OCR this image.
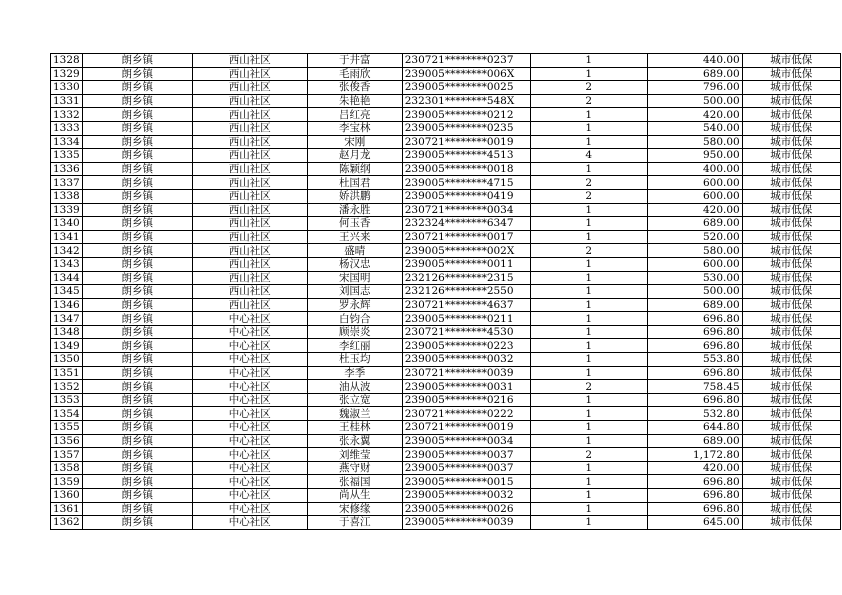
1328	朗乡镇	西山社区	于井富	230721********0237	1	440.00	城市低保
1329	朗乡镇	西山社区	毛雨欣	239005********006X	1	689.00	城市低保
1330	朗乡镇	西山社区	张俊香	239005********0025	2	796.00	城市低保
1331	朗乡镇	西山社区	朱艳艳	232301********548X	2	500.00	城市低保
1332	朗乡镇	西山社区	吕红亮	239005********0212	1	420.00	城市低保
1333	朗乡镇	西山社区	李宝林	239005********0235	1	540.00	城市低保
1334	朗乡镇	西山社区	宋刚	230721********0019	1	580.00	城市低保
1335	朗乡镇	西山社区	赵月龙	239005********4513	4	950.00	城市低保
1336	朗乡镇	西山社区	陈颖纲	239005********0018	1	400.00	城市低保
1337	朗乡镇	西山社区	杜国君	239005********4715	2	600.00	城市低保
1338	朗乡镇	西山社区	娇洪鹏	239005********0419	2	600.00	城市低保
1339	朗乡镇	西山社区	潘永胜	230721********0034	1	420.00	城市低保
1340	朗乡镇	西山社区	何玉香	232324********6347	1	689.00	城市低保
1341	朗乡镇	西山社区	王兴来	230721********0017	1	520.00	城市低保
1342	朗乡镇	西山社区	盛晴	239005********002X	2	580.00	城市低保
1343	朗乡镇	西山社区	杨汉忠	239005********0011	1	600.00	城市低保
1344	朗乡镇	西山社区	宋国明	232126********2315	1	530.00	城市低保
1345	朗乡镇	西山社区	刘国志	232126********2550	1	500.00	城市低保
1346	朗乡镇	西山社区	罗永辉	230721********4637	1	689.00	城市低保
1347	朗乡镇	中心社区	白钧合	239005********0211	1	696.80	城市低保
1348	朗乡镇	中心社区	顾崇炎	230721********4530	1	696.80	城市低保
1349	朗乡镇	中心社区	李红丽	239005********0223	1	696.80	城市低保
1350	朗乡镇	中心社区	杜玉均	239005********0032	1	553.80	城市低保
1351	朗乡镇	中心社区	李季	230721********0039	1	696.80	城市低保
1352	朗乡镇	中心社区	油从波	239005********0031	2	758.45	城市低保
1353	朗乡镇	中心社区	张立宽	239005********0216	1	696.80	城市低保
1354	朗乡镇	中心社区	魏淑兰	230721********0222	1	532.80	城市低保
1355	朗乡镇	中心社区	王桂林	230721********0019	1	644.80	城市低保
1356	朗乡镇	中心社区	张永翼	239005********0034	1	689.00	城市低保
1357	朗乡镇	中心社区	刘维莹	239005********0037	2	1,172.80	城市低保
1358	朗乡镇	中心社区	燕守财	239005********0037	1	420.00	城市低保
1359	朗乡镇	中心社区	张福国	239005********0015	1	696.80	城市低保
1360	朗乡镇	中心社区	尚从生	239005********0032	1	696.80	城市低保
1361	朗乡镇	中心社区	宋修缘	239005********0026	1	696.80	城市低保
1362	朗乡镇	中心社区	于喜江	239005********0039	1	645.00	城市低保
